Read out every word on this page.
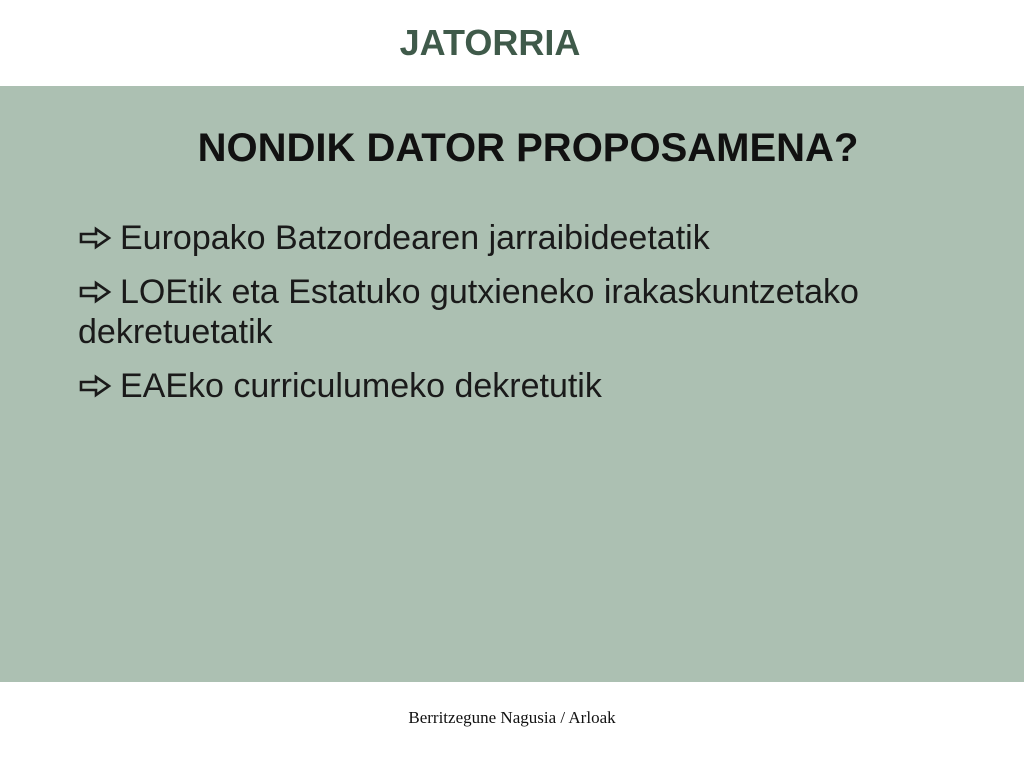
JATORRIA
NONDIK DATOR PROPOSAMENA?
Europako Batzordearen jarraibideetatik
LOEtik eta Estatuko gutxieneko irakaskuntzetako dekretuetatik
EAEko curriculumeko dekretutik
Berritzegune Nagusia / Arloak
